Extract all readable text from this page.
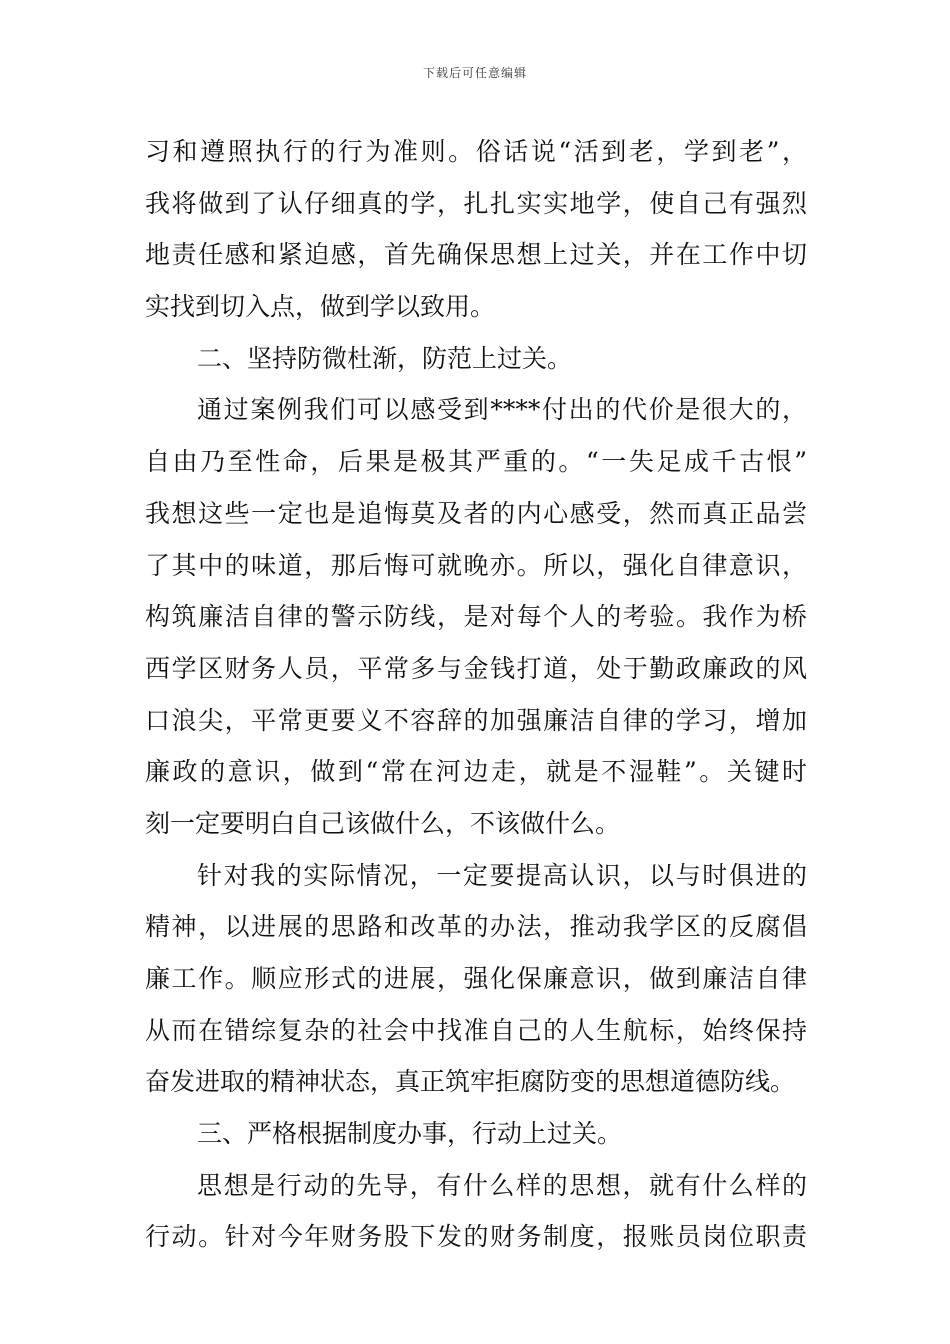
下载后可任意编辑
习和遵照执行的行为准则。俗话说“活到老，学到老”，
我将做到了认仔细真的学，扎扎实实地学，使自己有强烈
地责任感和紧迫感，首先确保思想上过关，并在工作中切
实找到切入点，做到学以致用。
二、坚持防微杜渐，防范上过关。
通过案例我们可以感受到****付出的代价是很大的，
自由乃至性命，后果是极其严重的。“一失足成千古恨”
我想这些一定也是追悔莫及者的内心感受，然而真正品尝
了其中的味道，那后悔可就晚亦。所以，强化自律意识，
构筑廉洁自律的警示防线，是对每个人的考验。我作为桥
西学区财务人员，平常多与金钱打道，处于勤政廉政的风
口浪尖，平常更要义不容辞的加强廉洁自律的学习，增加
廉政的意识，做到“常在河边走，就是不湿鞋”。关键时
刻一定要明白自己该做什么，不该做什么。
针对我的实际情况，一定要提高认识，以与时俱进的
精神，以进展的思路和改革的办法，推动我学区的反腐倡
廉工作。顺应形式的进展，强化保廉意识，做到廉洁自律
从而在错综复杂的社会中找准自己的人生航标，始终保持
奋发进取的精神状态，真正筑牢拒腐防变的思想道德防线。
三、严格根据制度办事，行动上过关。
思想是行动的先导，有什么样的思想，就有什么样的
行动。针对今年财务股下发的财务制度，报账员岗位职责
